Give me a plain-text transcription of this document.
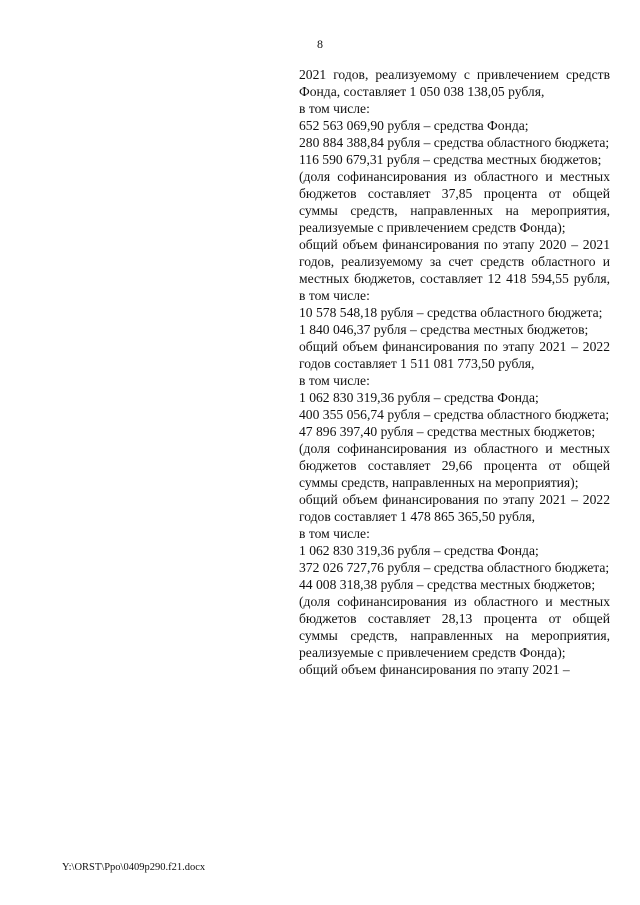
8

2021 годов, реализуемому с привлечением средств Фонда, составляет 1 050 038 138,05 рубля,

в том числе:

652 563 069,90 рубля – средства Фонда;

280 884 388,84 рубля – средства областного бюджета;

116 590 679,31 рубля – средства местных бюджетов;

(доля софинансирования из областного и местных бюджетов составляет 37,85 процента от общей суммы средств, направленных на мероприятия, реализуемые с привлечением средств Фонда);

общий объем финансирования по этапу 2020 – 2021 годов, реализуемому за счет средств областного и местных бюджетов, составляет 12 418 594,55 рубля, в том числе:

10 578 548,18 рубля – средства областного бюджета;

1 840 046,37 рубля – средства местных бюджетов;

общий объем финансирования по этапу 2021 – 2022 годов составляет 1 511 081 773,50 рубля,

в том числе:

1 062 830 319,36 рубля – средства Фонда;

400 355 056,74 рубля – средства областного бюджета;

47 896 397,40 рубля – средства местных бюджетов;

(доля софинансирования из областного и местных бюджетов составляет 29,66 процента от общей суммы средств, направленных на мероприятия);

общий объем финансирования по этапу 2021 – 2022 годов составляет 1 478 865 365,50 рубля,

в том числе:

1 062 830 319,36 рубля – средства Фонда;

372 026 727,76 рубля – средства областного бюджета;

44 008 318,38 рубля – средства местных бюджетов;

(доля софинансирования из областного и местных бюджетов составляет 28,13 процента от общей суммы средств, направленных на мероприятия, реализуемые с привлечением средств Фонда);

общий объем финансирования по этапу 2021 –

Y:\ORST\Ppo\0409p290.f21.docx
